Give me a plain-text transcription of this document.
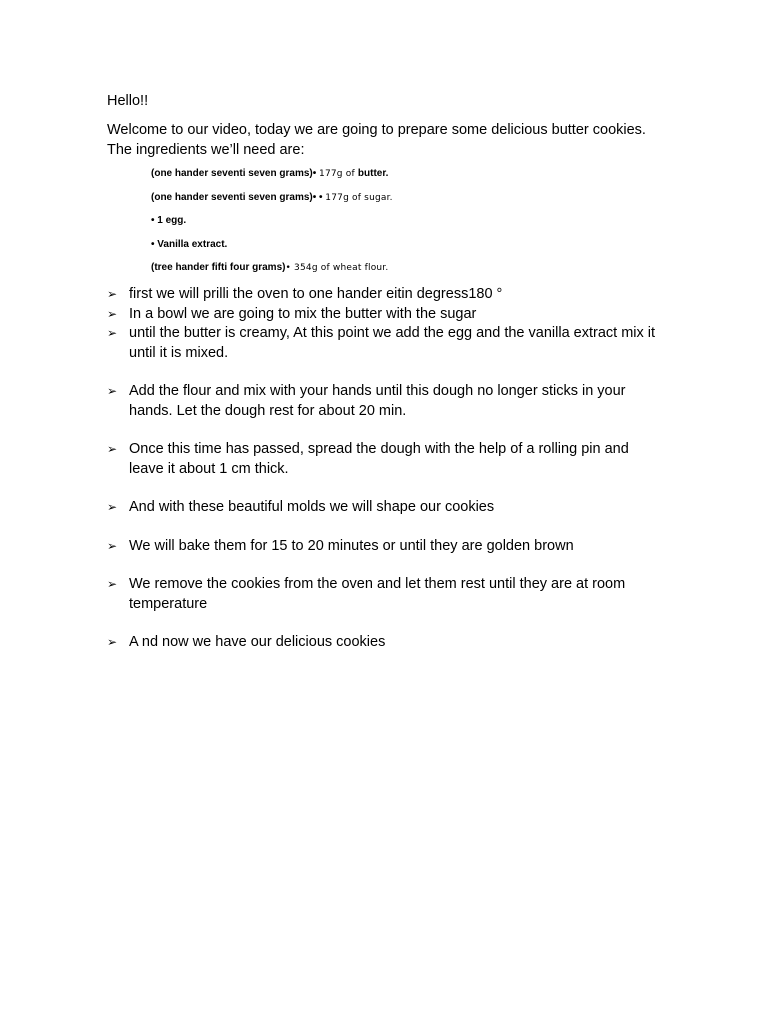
Hello!!

Welcome to our video, today we are going to prepare some delicious butter cookies. The ingredients we’ll need are:

(one hander seventi seven grams)• 177g of butter.
(one hander seventi seven grams)• • 177g of sugar.
• 1 egg.
• Vanilla extract.
(tree hander fifti four grams)• 354g of wheat flour.
➢ first we will prilli the oven to one hander eitin degress180 °
➢ In a bowl we are going to mix the butter with the sugar
➢ until the butter is creamy, At this point we add the egg and the vanilla extract mix it until it is mixed.
➢ Add the flour and mix with your hands until this dough no longer sticks in your hands. Let the dough rest for about 20 min.
➢ Once this time has passed, spread the dough with the help of a rolling pin and leave it about 1 cm thick.
➢ And with these beautiful molds we will shape our cookies
➢ We will bake them for 15 to 20 minutes or until they are golden brown
➢ We remove the cookies from the oven and let them rest until they are at room temperature
➢ A nd now we have our delicious cookies
